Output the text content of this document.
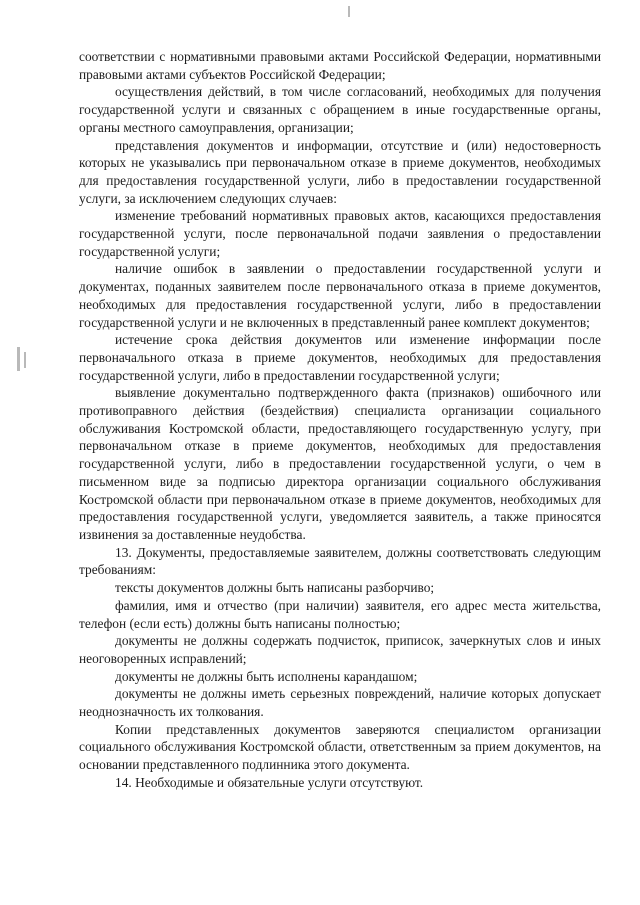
соответствии с нормативными правовыми актами Российской Федерации, нормативными правовыми актами субъектов Российской Федерации;

осуществления действий, в том числе согласований, необходимых для получения государственной услуги и связанных с обращением в иные государственные органы, органы местного самоуправления, организации;

представления документов и информации, отсутствие и (или) недостоверность которых не указывались при первоначальном отказе в приеме документов, необходимых для предоставления государственной услуги, либо в предоставлении государственной услуги, за исключением следующих случаев:

изменение требований нормативных правовых актов, касающихся предоставления государственной услуги, после первоначальной подачи заявления о предоставлении государственной услуги;

наличие ошибок в заявлении о предоставлении государственной услуги и документах, поданных заявителем после первоначального отказа в приеме документов, необходимых для предоставления государственной услуги, либо в предоставлении государственной услуги и не включенных в представленный ранее комплект документов;

истечение срока действия документов или изменение информации после первоначального отказа в приеме документов, необходимых для предоставления государственной услуги, либо в предоставлении государственной услуги;

выявление документально подтвержденного факта (признаков) ошибочного или противоправного действия (бездействия) специалиста организации социального обслуживания Костромской области, предоставляющего государственную услугу, при первоначальном отказе в приеме документов, необходимых для предоставления государственной услуги, либо в предоставлении государственной услуги, о чем в письменном виде за подписью директора организации социального обслуживания Костромской области при первоначальном отказе в приеме документов, необходимых для предоставления государственной услуги, уведомляется заявитель, а также приносятся извинения за доставленные неудобства.

13. Документы, предоставляемые заявителем, должны соответствовать следующим требованиям:

тексты документов должны быть написаны разборчиво;

фамилия, имя и отчество (при наличии) заявителя, его адрес места жительства, телефон (если есть) должны быть написаны полностью;

документы не должны содержать подчисток, приписок, зачеркнутых слов и иных неоговоренных исправлений;

документы не должны быть исполнены карандашом;

документы не должны иметь серьезных повреждений, наличие которых допускает неоднозначность их толкования.

Копии представленных документов заверяются специалистом организации социального обслуживания Костромской области, ответственным за прием документов, на основании представленного подлинника этого документа.

14. Необходимые и обязательные услуги отсутствуют.
